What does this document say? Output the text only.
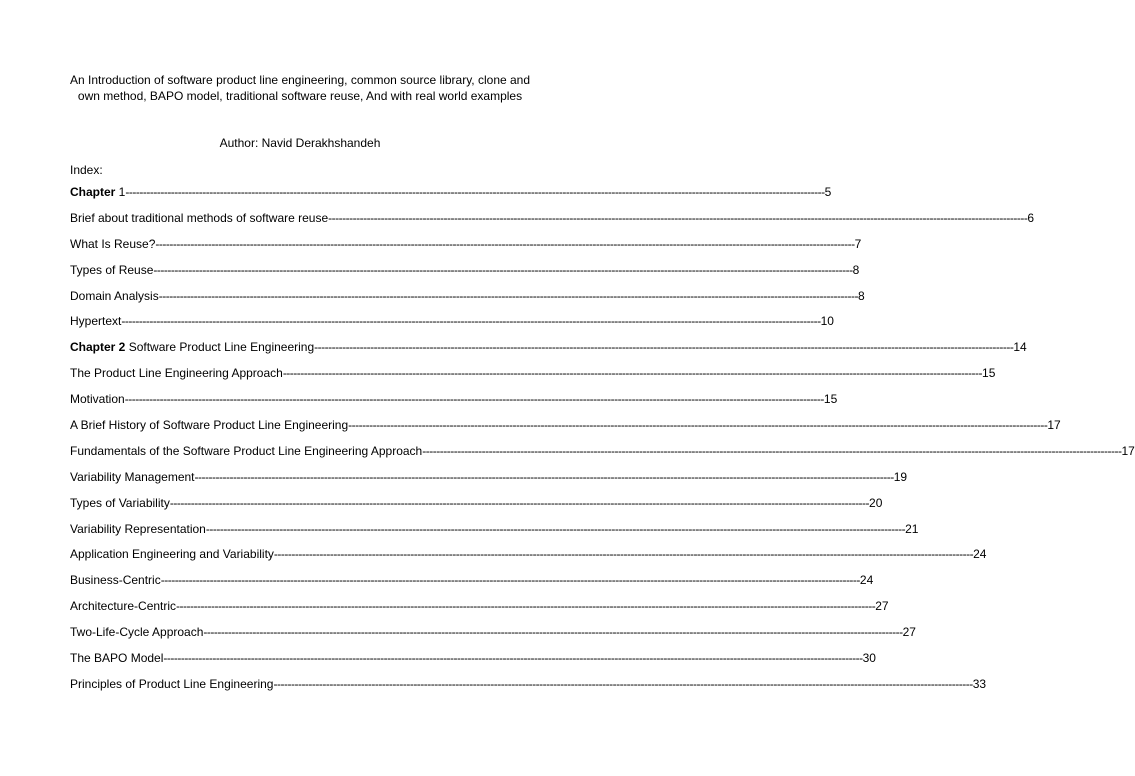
An Introduction of software product line engineering, common source library, clone and own method, BAPO model, traditional software reuse, And with real world examples
Author: Navid Derakhshandeh
Index:
Chapter 1 -------------------------------------------------------------------------------------------------------------------------------------------------------------------------------------------------------- 5
Brief about traditional methods of software reuse -------------------------------------------------------------------------------------------------------------------------------------------------------------------------------------------------------- 6
What Is Reuse? -------------------------------------------------------------------------------------------------------------------------------------------------------------------------------------------------------- 7
Types of Reuse -------------------------------------------------------------------------------------------------------------------------------------------------------------------------------------------------------- 8
Domain Analysis -------------------------------------------------------------------------------------------------------------------------------------------------------------------------------------------------------- 8
Hypertext -------------------------------------------------------------------------------------------------------------------------------------------------------------------------------------------------------- 10
Chapter 2 Software Product Line Engineering -------------------------------------------------------------------------------------------------------------------------------------------------------------------------------------------------------- 14
The Product Line Engineering Approach -------------------------------------------------------------------------------------------------------------------------------------------------------------------------------------------------------- 15
Motivation -------------------------------------------------------------------------------------------------------------------------------------------------------------------------------------------------------- 15
A Brief History of Software Product Line Engineering -------------------------------------------------------------------------------------------------------------------------------------------------------------------------------------------------------- 17
Fundamentals of the Software Product Line Engineering Approach -------------------------------------------------------------------------------------------------------------------------------------------------------------------------------------------------------- 17
Variability Management -------------------------------------------------------------------------------------------------------------------------------------------------------------------------------------------------------- 19
Types of Variability -------------------------------------------------------------------------------------------------------------------------------------------------------------------------------------------------------- 20
Variability Representation -------------------------------------------------------------------------------------------------------------------------------------------------------------------------------------------------------- 21
Application Engineering and Variability -------------------------------------------------------------------------------------------------------------------------------------------------------------------------------------------------------- 24
Business-Centric -------------------------------------------------------------------------------------------------------------------------------------------------------------------------------------------------------- 24
Architecture-Centric -------------------------------------------------------------------------------------------------------------------------------------------------------------------------------------------------------- 27
Two-Life-Cycle Approach -------------------------------------------------------------------------------------------------------------------------------------------------------------------------------------------------------- 27
The BAPO Model -------------------------------------------------------------------------------------------------------------------------------------------------------------------------------------------------------- 30
Principles of Product Line Engineering -------------------------------------------------------------------------------------------------------------------------------------------------------------------------------------------------------- 33
